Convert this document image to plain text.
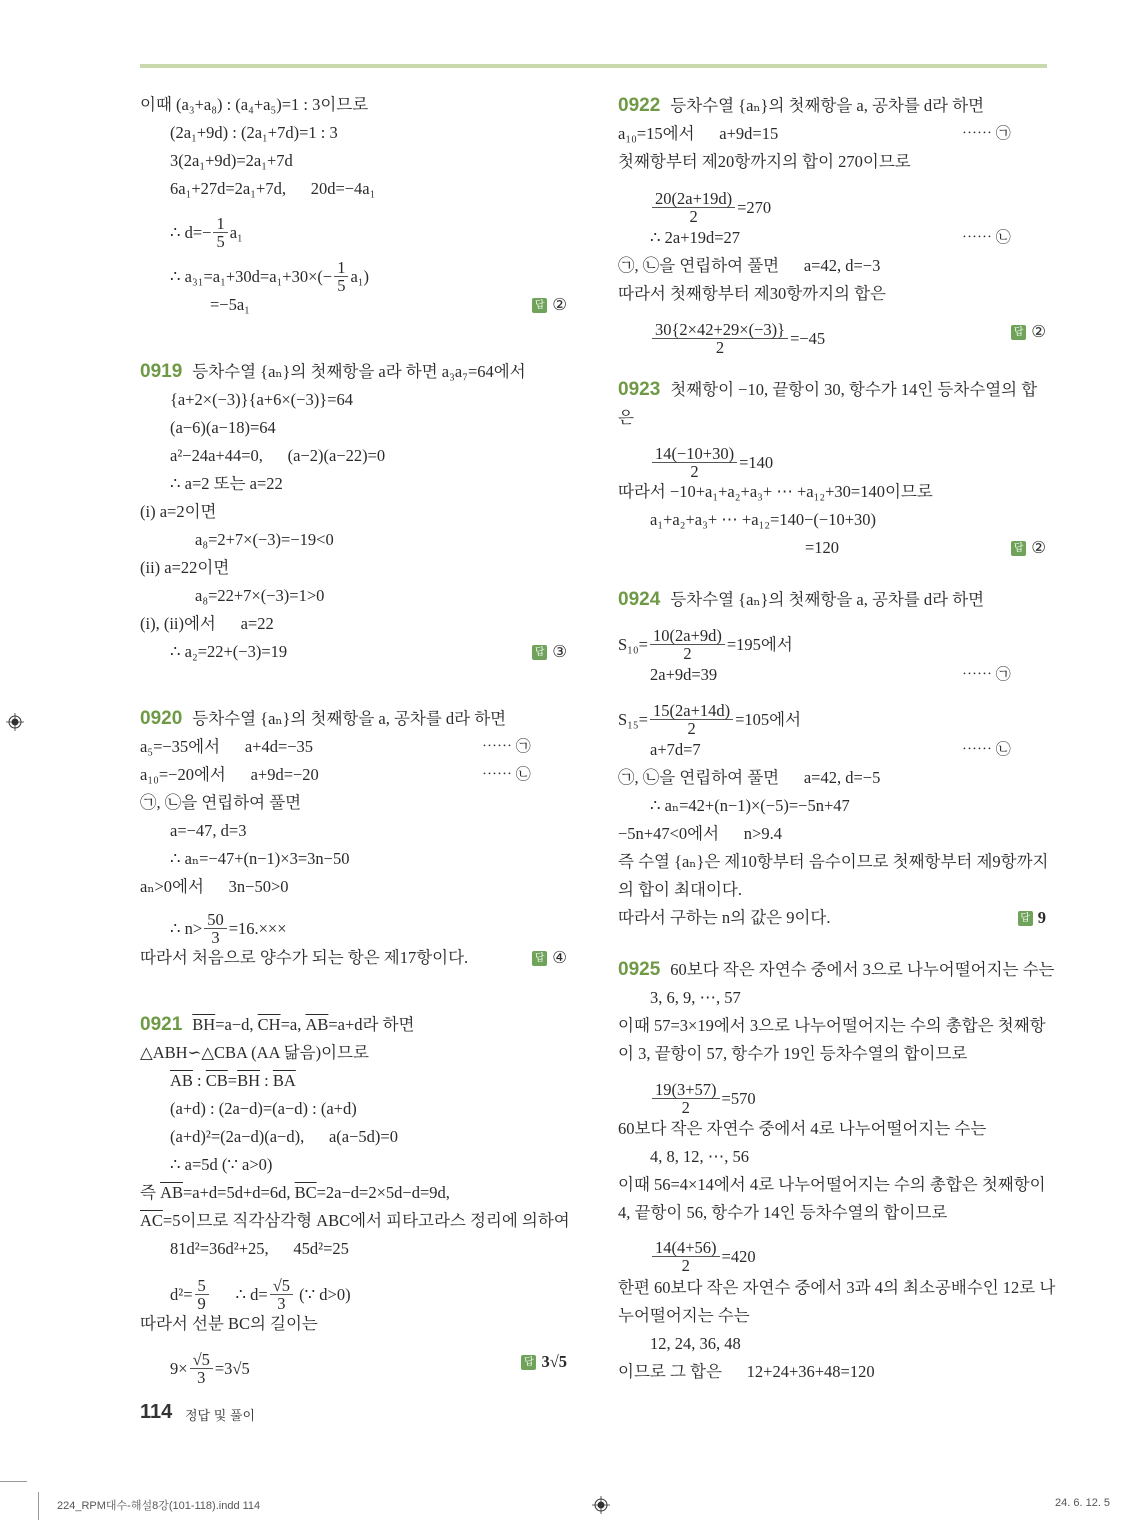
이때 (a₃+a₈) : (a₄+a₅)=1 : 3이므로
(2a₁+9d) : (2a₁+7d)=1 : 3
3(2a₁+9d)=2a₁+7d
6a₁+27d=2a₁+7d,      20d=−4a₁
∴ $d=- \frac{1}{5} a_1$
∴ $a_{31}=a_1+30d=a_1+30\times(- \frac{1}{5} a_1)$
=−5a₁	답 ②
0919 등차수열 {aₙ}의 첫째항을 a라 하면 a₃a₇=64에서
{a+2×(−3)}{a+6×(−3)}=64
(a−6)(a−18)=64
a²−24a+44=0,      (a−2)(a−22)=0
∴ a=2 또는 a=22
(i) a=2이면
a₈=2+7×(−3)=−19<0
(ii) a=22이면
a₈=22+7×(−3)=1>0
(i), (ii)에서      a=22
∴ a₂=22+(−3)=19	답 ③
0920 등차수열 {aₙ}의 첫째항을 a, 공차를 d라 하면
a₅=−35에서      a+4d=−35	⋯⋯ ㉠
a₁₀=−20에서      a+9d=−20	⋯⋯ ㉡
㉠, ㉡을 연립하여 풀면
a=−47, d=3
∴ aₙ=−47+(n−1)×3=3n−50
aₙ>0에서      3n−50>0
∴ $n> \frac{50}{3} =16.\times\times\times$
따라서 처음으로 양수가 되는 항은 제17항이다.	답 ④
0921 $\overline{BH} =a-d$, $\overline{CH} =a$, $\overline{AB} =a+d$라 하면
△ABH∽△CBA (AA 닮음)이므로
$\overline{AB}$ : $\overline{CB} = \overline{BH}$ : $\overline{BA}$
(a+d) : (2a−d)=(a−d) : (a+d)
(a+d)²=(2a−d)(a−d),      a(a−5d)=0
∴ a=5d (∵ a>0)
즉 $\overline{AB} =a+d=5d+d=6d$, $\overline{BC} =2a-d=2\times 5d-d=9d$,
$\overline{AC} =5$이므로 직각삼각형 ABC에서 피타고라스 정리에 의하여
81d²=36d²+25,      45d²=25
$d^2= \frac{5}{9}$ ∴ $d= \frac{√5}{3}$ (∵ d>0)
따라서 선분 BC의 길이는
$9\times \frac{√5}{3} =3√5$	답 3√5
0922 등차수열 {aₙ}의 첫째항을 a, 공차를 d라 하면
a₁₀=15에서      a+9d=15	⋯⋯ ㉠
첫째항부터 제20항까지의 합이 270이므로
$\frac{20(2a+19d)}{2} =270$
∴ 2a+19d=27	⋯⋯ ㉡
㉠, ㉡을 연립하여 풀면      a=42, d=−3
따라서 첫째항부터 제30항까지의 합은
$\frac{30\{2\times 42+29\times(-3)\}}{2} =-45$	답 ②
0923 첫째항이 −10, 끝항이 30, 항수가 14인 등차수열의 합
은
$\frac{14(-10+30)}{2} =140$
따라서 −10+a₁+a₂+a₃+ ⋯ +a₁₂+30=140이므로
a₁+a₂+a₃+ ⋯ +a₁₂=140−(−10+30)
=120	답 ②
0924 등차수열 {aₙ}의 첫째항을 a, 공차를 d라 하면
$S_{10}= \frac{10(2a+9d)}{2} =195$에서
2a+9d=39	⋯⋯ ㉠
$S_{15}= \frac{15(2a+14d)}{2} =105$에서
a+7d=7	⋯⋯ ㉡
㉠, ㉡을 연립하여 풀면      a=42, d=−5
∴ aₙ=42+(n−1)×(−5)=−5n+47
−5n+47<0에서      n>9.4
즉 수열 {aₙ}은 제10항부터 음수이므로 첫째항부터 제9항까지
의 합이 최대이다.
따라서 구하는 n의 값은 9이다.	답 9
0925 60보다 작은 자연수 중에서 3으로 나누어떨어지는 수는
3, 6, 9, ⋯, 57
이때 57=3×19에서 3으로 나누어떨어지는 수의 총합은 첫째항
이 3, 끝항이 57, 항수가 19인 등차수열의 합이므로
$\frac{19(3+57)}{2} =570$
60보다 작은 자연수 중에서 4로 나누어떨어지는 수는
4, 8, 12, ⋯, 56
이때 56=4×14에서 4로 나누어떨어지는 수의 총합은 첫째항이
4, 끝항이 56, 항수가 14인 등차수열의 합이므로
$\frac{14(4+56)}{2} =420$
한편 60보다 작은 자연수 중에서 3과 4의 최소공배수인 12로 나
누어떨어지는 수는
12, 24, 36, 48
이므로 그 합은      12+24+36+48=120
114 정답 및 풀이
224_RPM대수-해설8강(101-118).indd 114	24. 6. 12. 5
